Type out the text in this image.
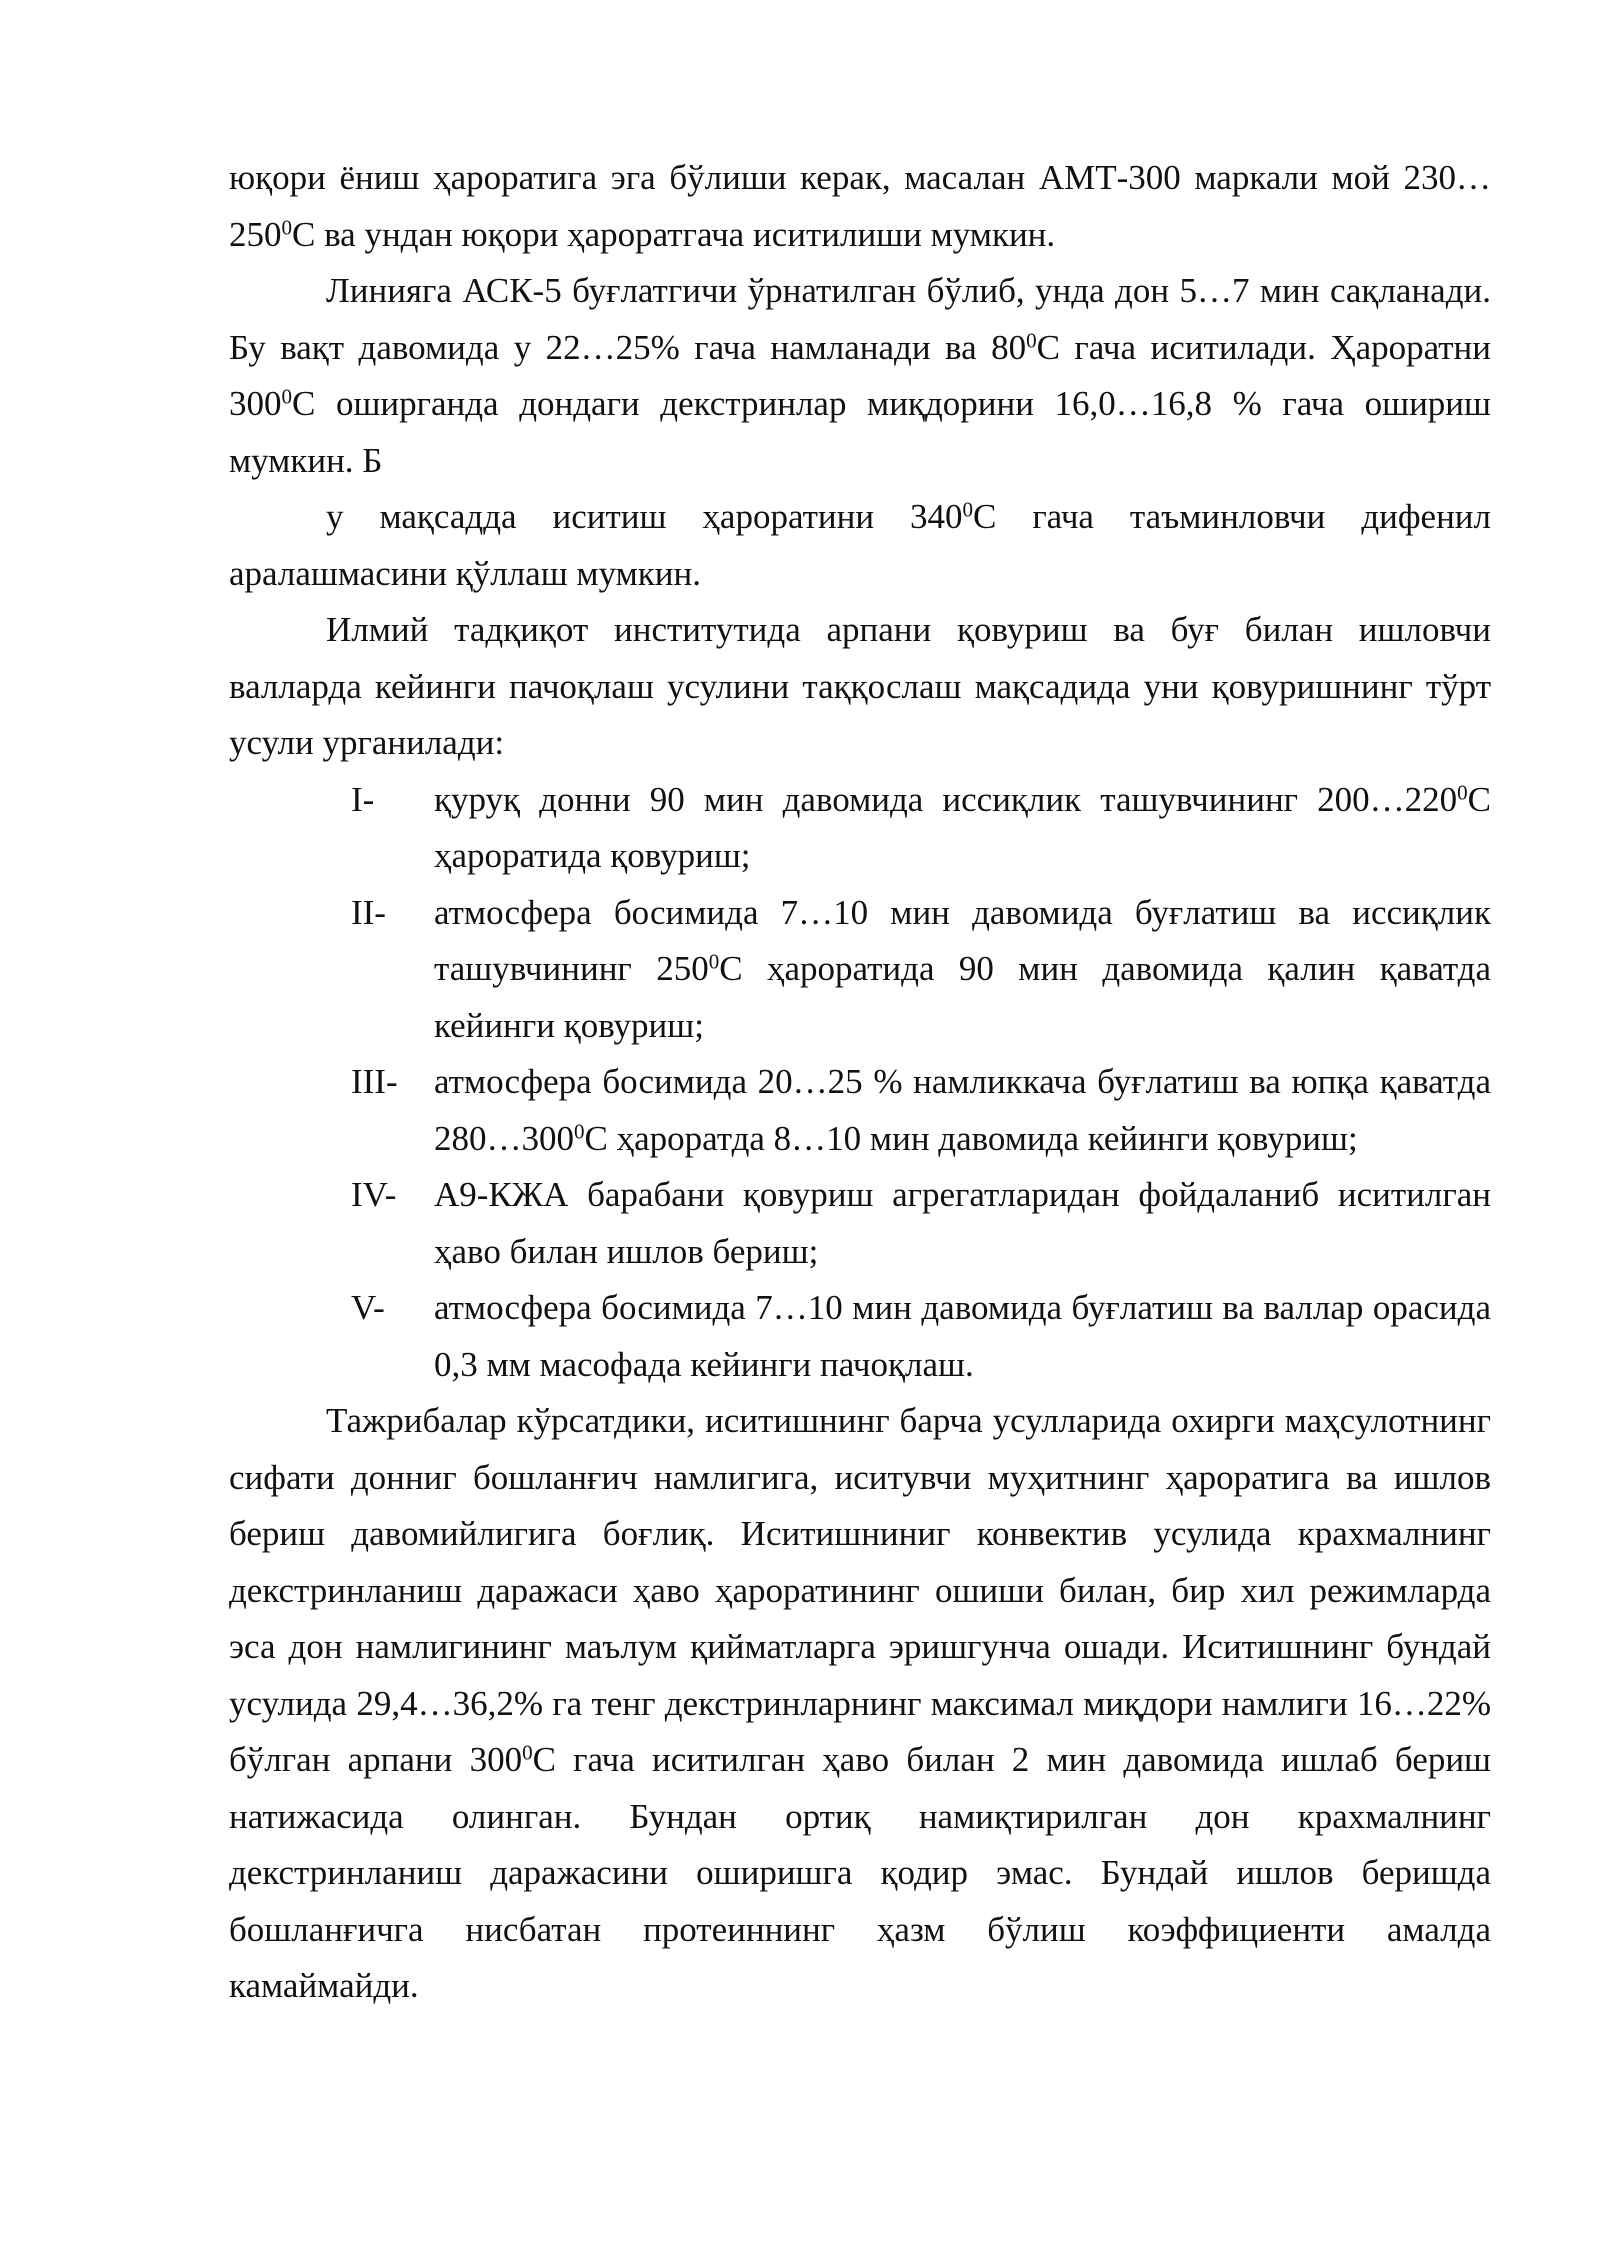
юқори ёниш ҳароратига эга бўлиши керак, масалан АМТ-300 маркали мой $230\dots 250^0С$ ва ундан юқори ҳароратгача иситилиши мумкин.

Линияга АСК-5 буғлатгичи ўрнатилган бўлиб, унда дон 5…7 мин сақланади. Бу вақт давомида у 22…25% гача намланади ва $80^0С$ гача иситилади. Ҳароратни $300^0С$ оширганда дондаги декстринлар миқдорини 16,0…16,8 % гача ошириш мумкин. Б

у мақсадда иситиш ҳароратини $340^0С$ гача таъминловчи дифенил аралашмасини қўллаш мумкин.

Илмий тадқиқот институтида арпани қовуриш ва буғ билан ишловчи валларда кейинги пачоқлаш усулини таққослаш мақсадида уни қовуришнинг тўрт усули урганилади:

I- қуруқ донни 90 мин давомида иссиқлик ташувчининг $200\dots 220^0С$ ҳароратида қовуриш;
II- атмосфера босимида 7…10 мин давомида буғлатиш ва иссиқлик ташувчининг $250^0С$ ҳароратида 90 мин давомида қалин қаватда кейинги қовуриш;
III- атмосфера босимида 20…25 % намликкача буғлатиш ва юпқа қаватда $280\dots 300^0С$ ҳароратда 8…10 мин давомида кейинги қовуриш;
IV- А9-КЖА барабани қовуриш агрегатларидан фойдаланиб иситилган ҳаво билан ишлов бериш;
V- атмосфера босимида 7…10 мин давомида буғлатиш ва валлар орасида 0,3 мм масофада кейинги пачоқлаш.

Тажрибалар кўрсатдики, иситишнинг барча усулларида охирги маҳсулотнинг сифати донниг бошланғич намлигига, иситувчи муҳитнинг ҳароратига ва ишлов бериш давомийлигига боғлиқ. Иситишниниг конвектив усулида крахмалнинг декстринланиш даражаси ҳаво ҳароратининг ошиши билан, бир хил режимларда эса дон намлигининг маълум қийматларга эришгунча ошади. Иситишнинг бундай усулида 29,4…36,2% га тенг декстринларнинг максимал миқдори намлиги 16…22% бўлган арпани $300^0С$ гача иситилган ҳаво билан 2 мин давомида ишлаб бериш натижасида олинган. Бундан ортиқ намиқтирилган дон крахмалнинг декстринланиш даражасини оширишга қодир эмас. Бундай ишлов беришда бошланғичга нисбатан протеиннинг ҳазм бўлиш коэффициенти амалда камаймайди.
